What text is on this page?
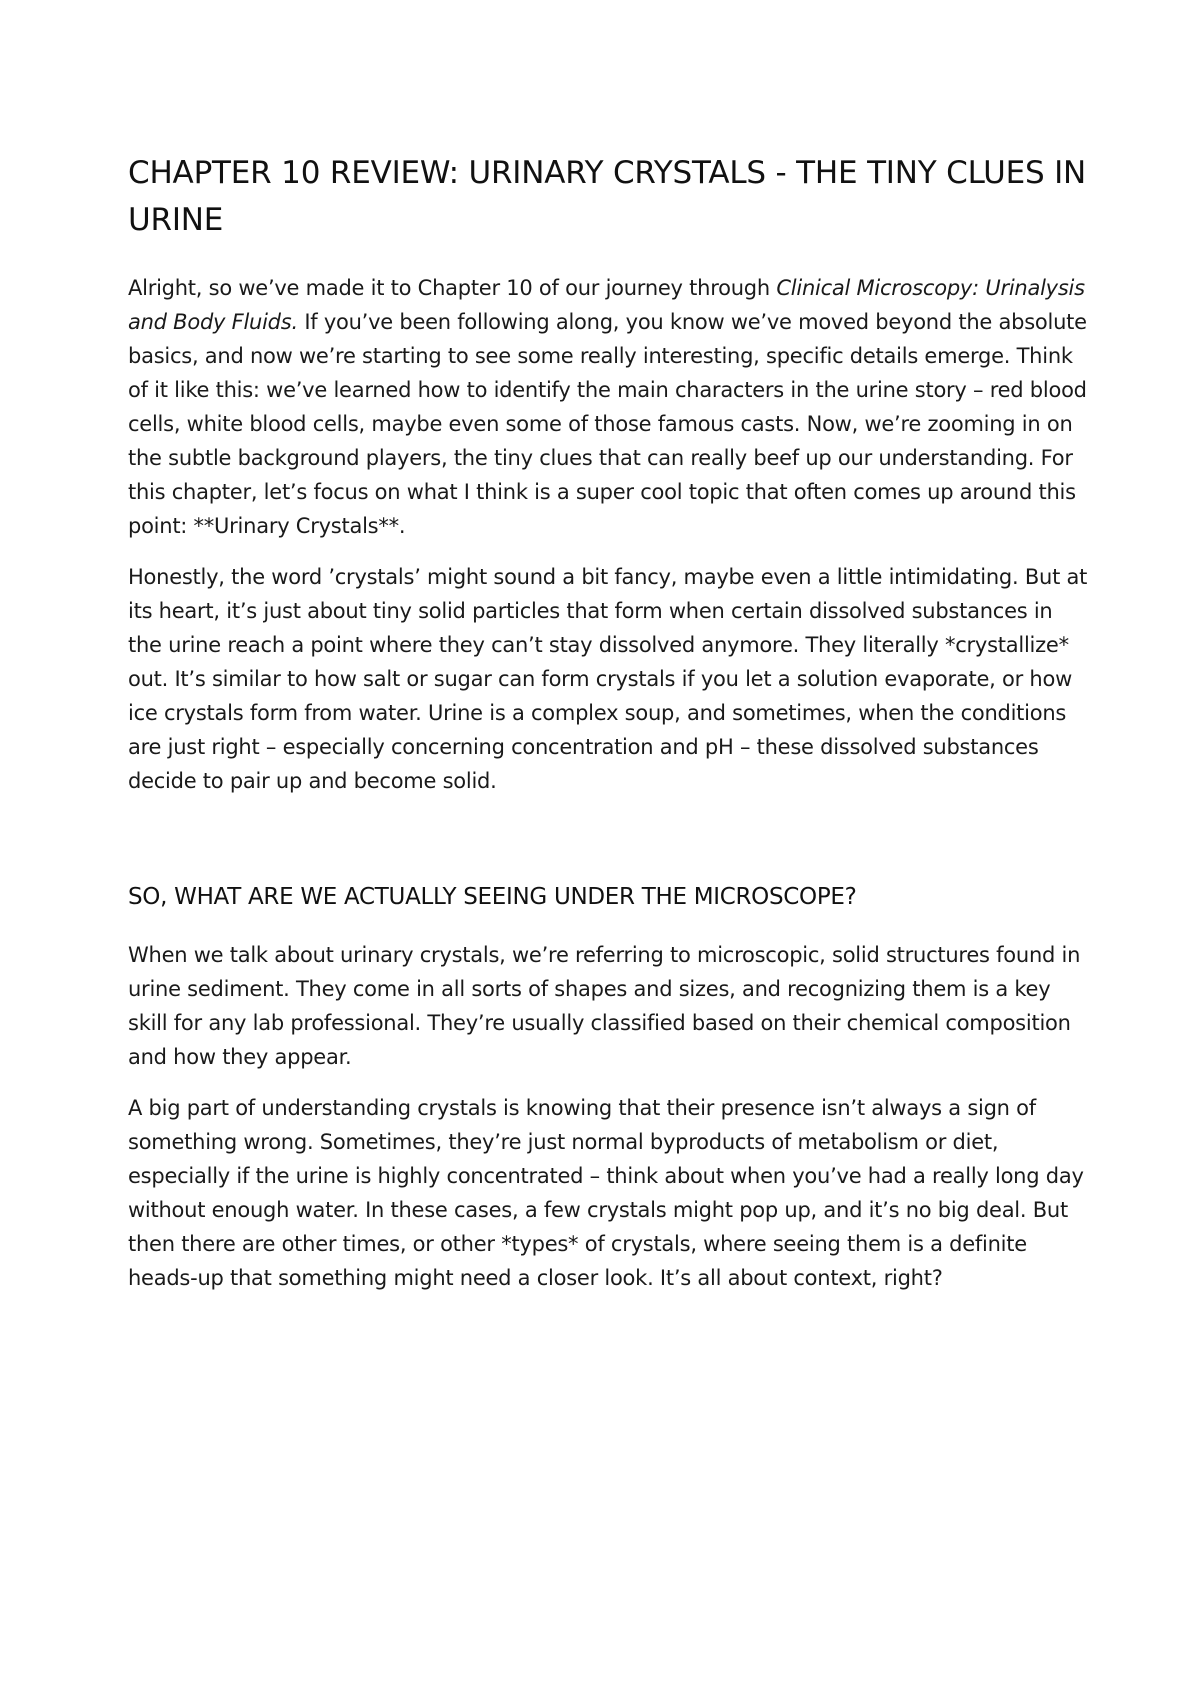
CHAPTER 10 REVIEW: URINARY CRYSTALS - THE TINY CLUES IN URINE

Alright, so we’ve made it to Chapter 10 of our journey through Clinical Microscopy: Urinalysis and Body Fluids. If you’ve been following along, you know we’ve moved beyond the absolute basics, and now we’re starting to see some really interesting, specific details emerge. Think of it like this: we’ve learned how to identify the main characters in the urine story – red blood cells, white blood cells, maybe even some of those famous casts. Now, we’re zooming in on the subtle background players, the tiny clues that can really beef up our understanding. For this chapter, let’s focus on what I think is a super cool topic that often comes up around this point: **Urinary Crystals**.

Honestly, the word ’crystals’ might sound a bit fancy, maybe even a little intimidating. But at its heart, it’s just about tiny solid particles that form when certain dissolved substances in the urine reach a point where they can’t stay dissolved anymore. They literally *crystallize* out. It’s similar to how salt or sugar can form crystals if you let a solution evaporate, or how ice crystals form from water. Urine is a complex soup, and sometimes, when the conditions are just right – especially concerning concentration and pH – these dissolved substances decide to pair up and become solid.

SO, WHAT ARE WE ACTUALLY SEEING UNDER THE MICROSCOPE?

When we talk about urinary crystals, we’re referring to microscopic, solid structures found in urine sediment. They come in all sorts of shapes and sizes, and recognizing them is a key skill for any lab professional. They’re usually classified based on their chemical composition and how they appear.

A big part of understanding crystals is knowing that their presence isn’t always a sign of something wrong. Sometimes, they’re just normal byproducts of metabolism or diet, especially if the urine is highly concentrated – think about when you’ve had a really long day without enough water. In these cases, a few crystals might pop up, and it’s no big deal. But then there are other times, or other *types* of crystals, where seeing them is a definite heads-up that something might need a closer look. It’s all about context, right?
